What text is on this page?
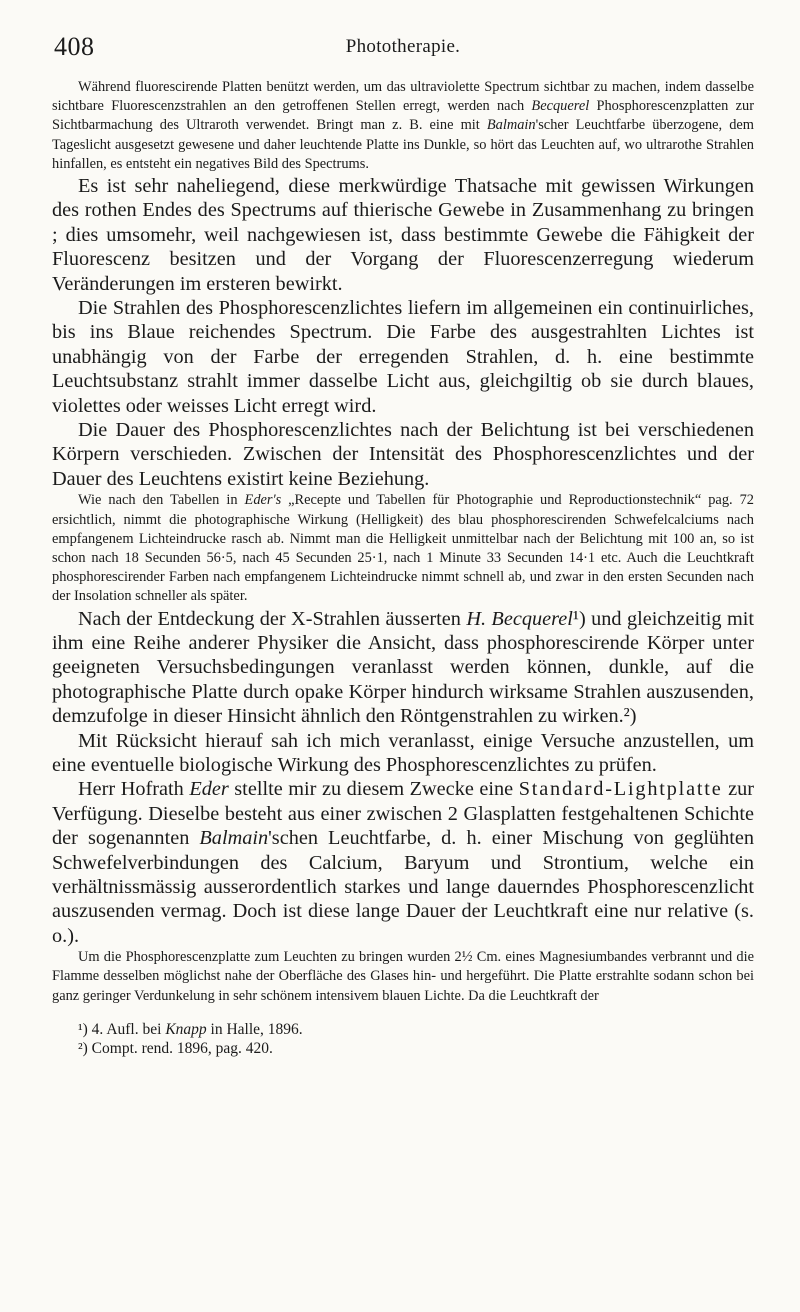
408	Phototherapie.

Während fluorescirende Platten benützt werden, um das ultraviolette Spectrum sichtbar zu machen, indem dasselbe sichtbare Fluorescenzstrahlen an den getroffenen Stellen erregt, werden nach Becquerel Phosphorescenzplatten zur Sichtbarmachung des Ultraroth verwendet. Bringt man z. B. eine mit Balmain'scher Leuchtfarbe überzogene, dem Tageslicht ausgesetzt gewesene und daher leuchtende Platte ins Dunkle, so hört das Leuchten auf, wo ultrarothe Strahlen hinfallen, es entsteht ein negatives Bild des Spectrums.

Es ist sehr naheliegend, diese merkwürdige Thatsache mit gewissen Wirkungen des rothen Endes des Spectrums auf thierische Gewebe in Zusammenhang zu bringen ; dies umsomehr, weil nachgewiesen ist, dass bestimmte Gewebe die Fähigkeit der Fluorescenz besitzen und der Vorgang der Fluorescenzerregung wiederum Veränderungen im ersteren bewirkt.

Die Strahlen des Phosphorescenzlichtes liefern im allgemeinen ein continuirliches, bis ins Blaue reichendes Spectrum. Die Farbe des ausgestrahlten Lichtes ist unabhängig von der Farbe der erregenden Strahlen, d. h. eine bestimmte Leuchtsubstanz strahlt immer dasselbe Licht aus, gleichgiltig ob sie durch blaues, violettes oder weisses Licht erregt wird.

Die Dauer des Phosphorescenzlichtes nach der Belichtung ist bei verschiedenen Körpern verschieden. Zwischen der Intensität des Phosphorescenzlichtes und der Dauer des Leuchtens existirt keine Beziehung.

Wie nach den Tabellen in Eder's „Recepte und Tabellen für Photographie und Reproductionstechnik“ pag. 72 ersichtlich, nimmt die photographische Wirkung (Helligkeit) des blau phosphorescirenden Schwefelcalciums nach empfangenem Lichteindrucke rasch ab. Nimmt man die Helligkeit unmittelbar nach der Belichtung mit 100 an, so ist schon nach 18 Secunden 56·5, nach 45 Secunden 25·1, nach 1 Minute 33 Secunden 14·1 etc. Auch die Leuchtkraft phosphorescirender Farben nach empfangenem Lichteindrucke nimmt schnell ab, und zwar in den ersten Secunden nach der Insolation schneller als später.

Nach der Entdeckung der X-Strahlen äusserten H. Becquerel¹) und gleichzeitig mit ihm eine Reihe anderer Physiker die Ansicht, dass phosphorescirende Körper unter geeigneten Versuchsbedingungen veranlasst werden können, dunkle, auf die photographische Platte durch opake Körper hindurch wirksame Strahlen auszusenden, demzufolge in dieser Hinsicht ähnlich den Röntgenstrahlen zu wirken.²)

Mit Rücksicht hierauf sah ich mich veranlasst, einige Versuche anzustellen, um eine eventuelle biologische Wirkung des Phosphorescenzlichtes zu prüfen.

Herr Hofrath Eder stellte mir zu diesem Zwecke eine Standard-Lightplatte zur Verfügung. Dieselbe besteht aus einer zwischen 2 Glasplatten festgehaltenen Schichte der sogenannten Balmain'schen Leuchtfarbe, d. h. einer Mischung von geglühten Schwefelverbindungen des Calcium, Baryum und Strontium, welche ein verhältnissmässig ausserordentlich starkes und lange dauerndes Phosphorescenzlicht auszusenden vermag. Doch ist diese lange Dauer der Leuchtkraft eine nur relative (s. o.).

Um die Phosphorescenzplatte zum Leuchten zu bringen wurden 2½ Cm. eines Magnesiumbandes verbrannt und die Flamme desselben möglichst nahe der Oberfläche des Glases hin- und hergeführt. Die Platte erstrahlte sodann schon bei ganz geringer Verdunkelung in sehr schönem intensivem blauen Lichte. Da die Leuchtkraft der

¹) 4. Aufl. bei Knapp in Halle, 1896.

²) Compt. rend. 1896, pag. 420.
